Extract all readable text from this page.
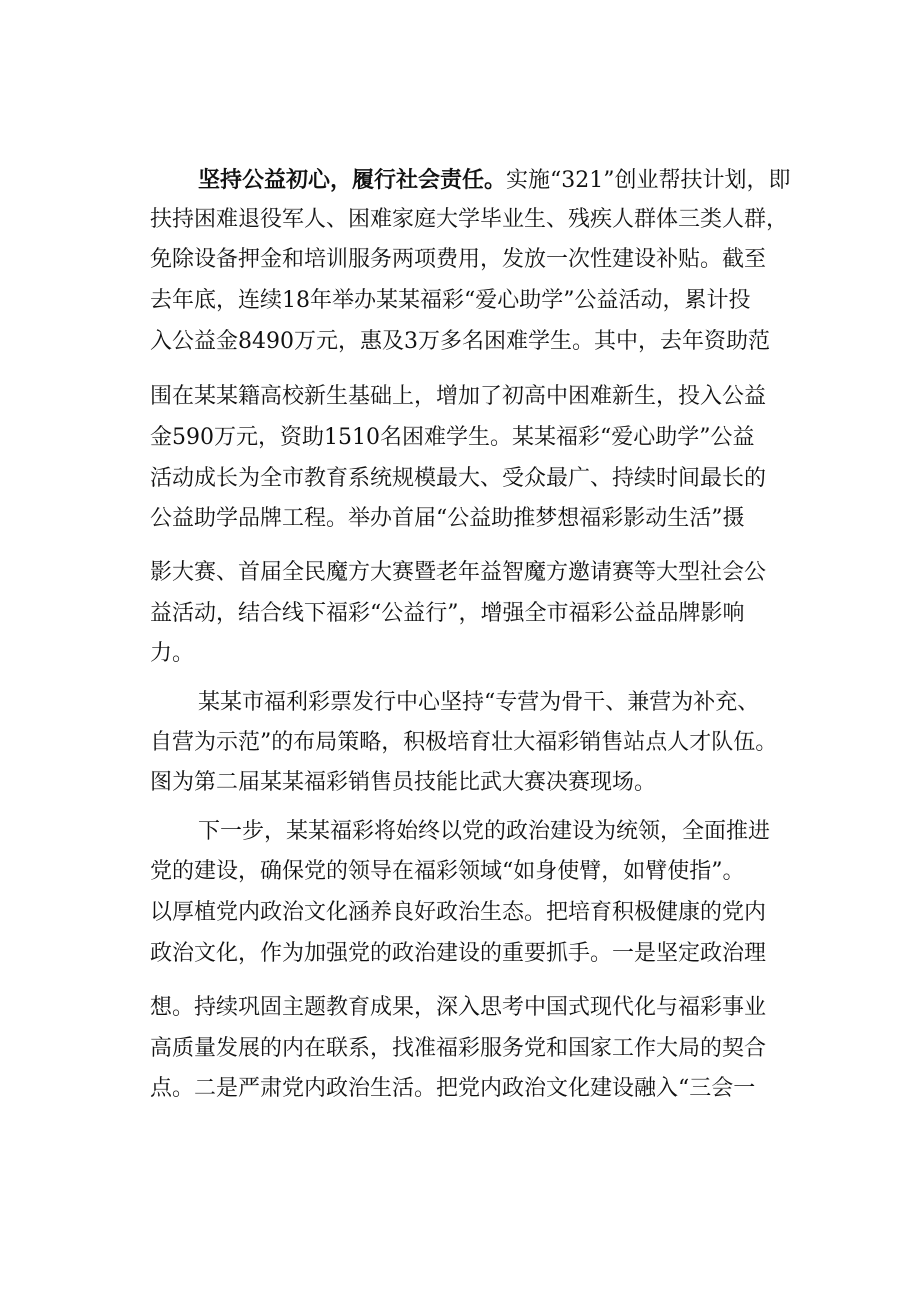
坚持公益初心，履行社会责任。实施“321”创业帮扶计划，即
扶持困难退役军人、困难家庭大学毕业生、残疾人群体三类人群，
免除设备押金和培训服务两项费用，发放一次性建设补贴。截至
去年底，连续18年举办某某福彩“爱心助学”公益活动，累计投
入公益金8490万元，惠及3万多名困难学生。其中，去年资助范
围在某某籍高校新生基础上，增加了初高中困难新生，投入公益
金590万元，资助1510名困难学生。某某福彩“爱心助学”公益
活动成长为全市教育系统规模最大、受众最广、持续时间最长的
公益助学品牌工程。举办首届“公益助推梦想福彩影动生活”摄
影大赛、首届全民魔方大赛暨老年益智魔方邀请赛等大型社会公
益活动，结合线下福彩“公益行”，增强全市福彩公益品牌影响
力。
某某市福利彩票发行中心坚持“专营为骨干、兼营为补充、
自营为示范”的布局策略，积极培育壮大福彩销售站点人才队伍。
图为第二届某某福彩销售员技能比武大赛决赛现场。
下一步，某某福彩将始终以党的政治建设为统领，全面推进
党的建设，确保党的领导在福彩领域“如身使臂，如臂使指”。
以厚植党内政治文化涵养良好政治生态。把培育积极健康的党内
政治文化，作为加强党的政治建设的重要抓手。一是坚定政治理
想。持续巩固主题教育成果，深入思考中国式现代化与福彩事业
高质量发展的内在联系，找准福彩服务党和国家工作大局的契合
点。二是严肃党内政治生活。把党内政治文化建设融入“三会一
